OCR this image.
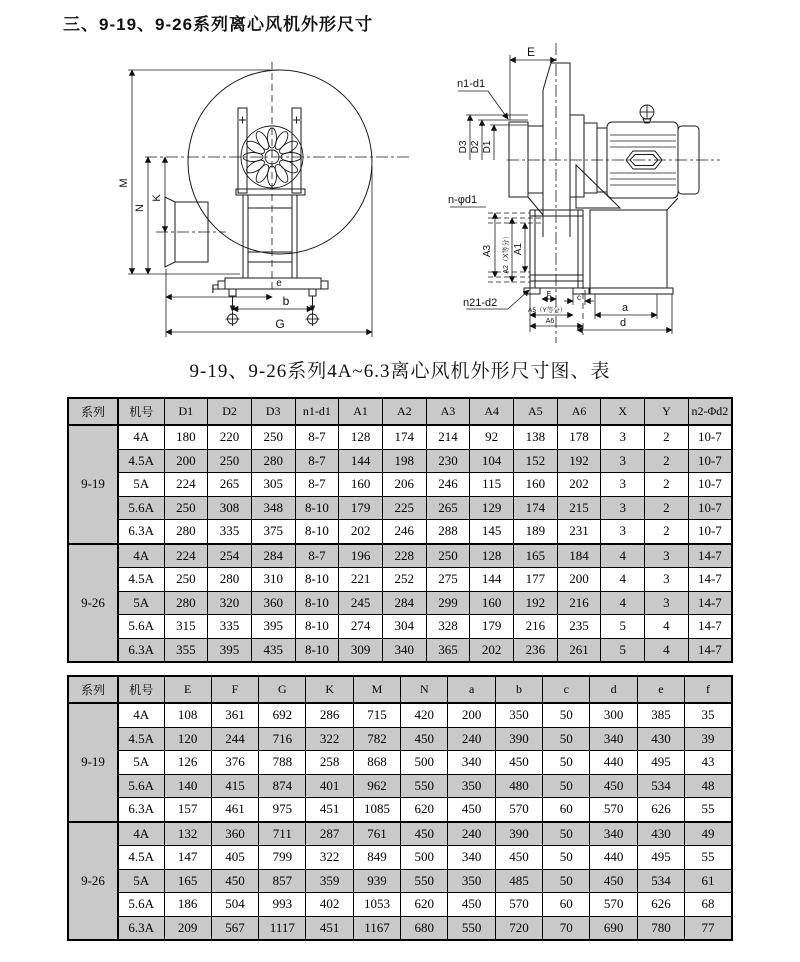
三、9-19、9-26系列离心风机外形尺寸
M
N
K
F	e
b
G
E
n1-d1
D3 D2 D1
n-φd1
A3 A2（X等分） A1
n21-d2
E	c
A5（Y等分）
A6
a
d
9-19、9-26系列4A~6.3离心风机外形尺寸图、表
系列	机号	D1	D2	D3	n1-d1	A1	A2	A3	A4	A5	A6	X	Y	n2-Φd2
9-19	4A	180	220	250	8-7	128	174	214	92	138	178	3	2	10-7
	4.5A	200	250	280	8-7	144	198	230	104	152	192	3	2	10-7
	5A	224	265	305	8-7	160	206	246	115	160	202	3	2	10-7
	5.6A	250	308	348	8-10	179	225	265	129	174	215	3	2	10-7
	6.3A	280	335	375	8-10	202	246	288	145	189	231	3	2	10-7
9-26	4A	224	254	284	8-7	196	228	250	128	165	184	4	3	14-7
	4.5A	250	280	310	8-10	221	252	275	144	177	200	4	3	14-7
	5A	280	320	360	8-10	245	284	299	160	192	216	4	3	14-7
	5.6A	315	335	395	8-10	274	304	328	179	216	235	5	4	14-7
	6.3A	355	395	435	8-10	309	340	365	202	236	261	5	4	14-7
系列	机号	E	F	G	K	M	N	a	b	c	d	e	f
9-19	4A	108	361	692	286	715	420	200	350	50	300	385	35
	4.5A	120	244	716	322	782	450	240	390	50	340	430	39
	5A	126	376	788	258	868	500	340	450	50	440	495	43
	5.6A	140	415	874	401	962	550	350	480	50	450	534	48
	6.3A	157	461	975	451	1085	620	450	570	60	570	626	55
9-26	4A	132	360	711	287	761	450	240	390	50	340	430	49
	4.5A	147	405	799	322	849	500	340	450	50	440	495	55
	5A	165	450	857	359	939	550	350	485	50	450	534	61
	5.6A	186	504	993	402	1053	620	450	570	60	570	626	68
	6.3A	209	567	1117	451	1167	680	550	720	70	690	780	77
